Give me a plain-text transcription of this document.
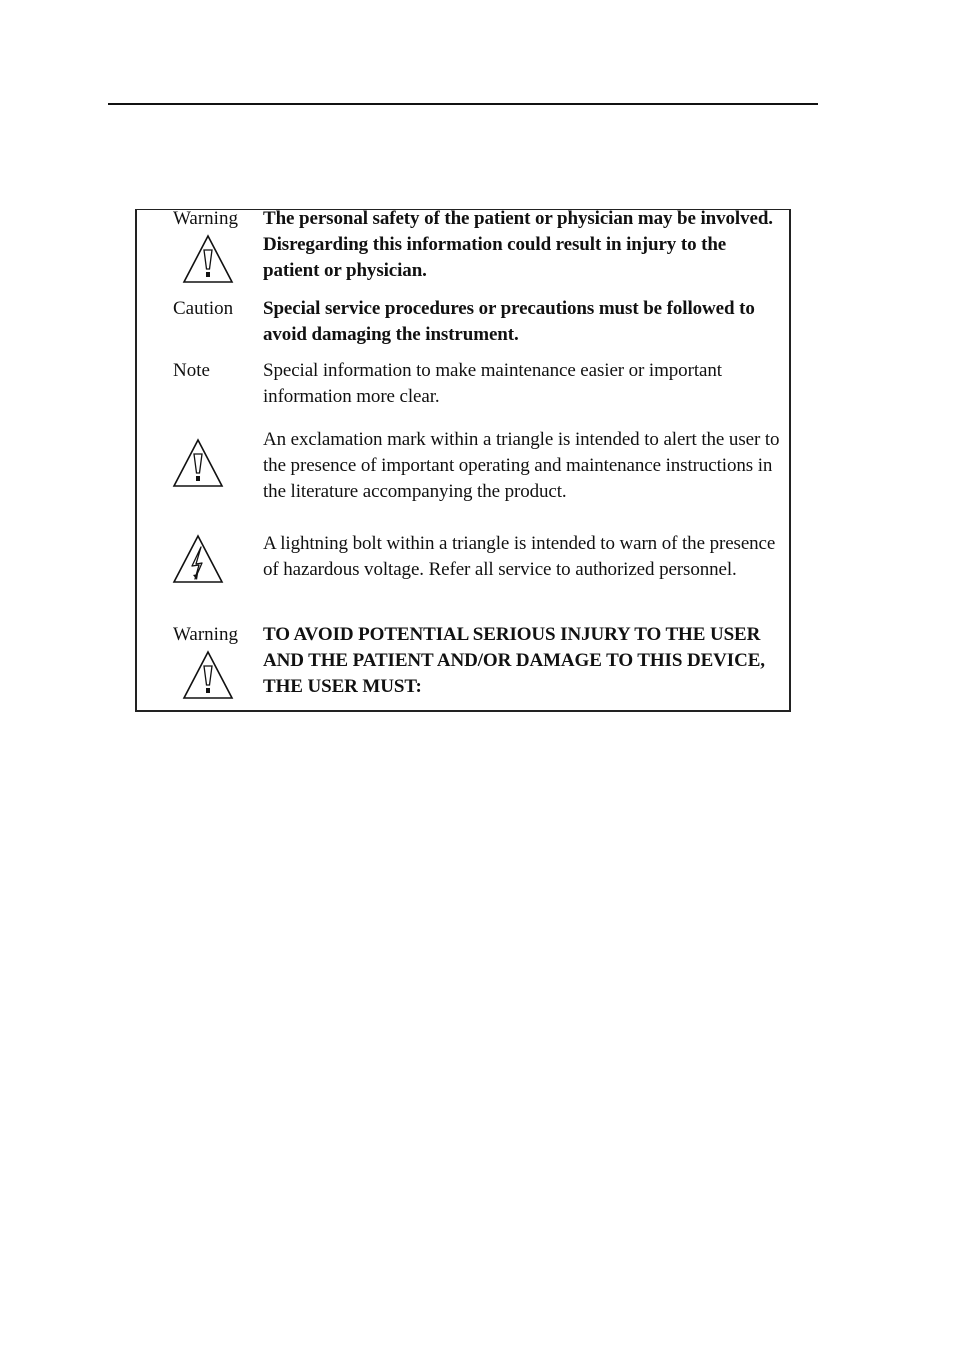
Warning	The personal safety of the patient or physician may be involved. Disregarding this information could result in injury to the patient or physician.
Caution	Special service procedures or precautions must be followed to avoid damaging the instrument.
Note	Special information to make maintenance easier or important information more clear.
An exclamation mark within a triangle is intended to alert the user to the presence of important operating and maintenance instructions in the literature accompanying the product.
A lightning bolt within a triangle is intended to warn of the presence of hazardous voltage. Refer all service to authorized personnel.
Warning	TO AVOID POTENTIAL SERIOUS INJURY TO THE USER AND THE PATIENT AND/OR DAMAGE TO THIS DEVICE, THE USER MUST:
